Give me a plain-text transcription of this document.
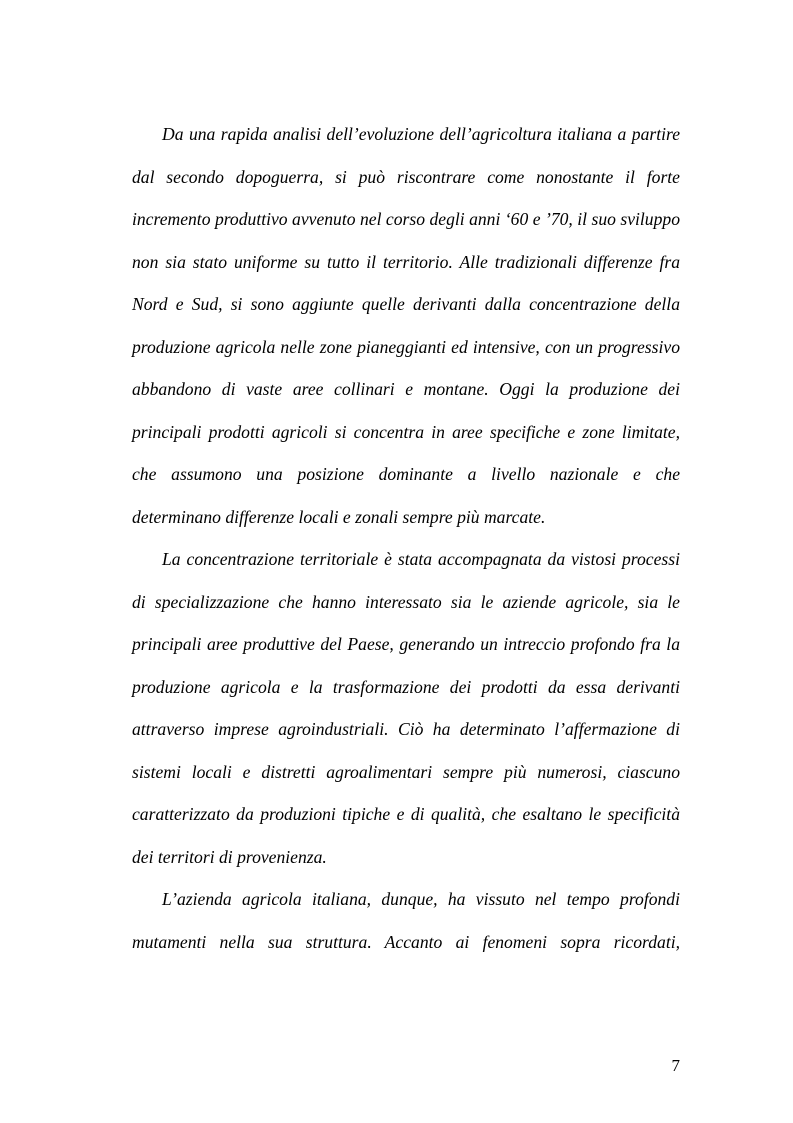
Da una rapida analisi dell’evoluzione dell’agricoltura italiana a partire dal secondo dopoguerra, si può riscontrare come nonostante il forte incremento produttivo avvenuto nel corso degli anni ‘60 e ’70, il suo sviluppo non sia stato uniforme su tutto il territorio. Alle tradizionali differenze fra Nord e Sud, si sono aggiunte quelle derivanti dalla concentrazione della produzione agricola nelle zone pianeggianti ed intensive, con un progressivo abbandono di vaste aree collinari e montane. Oggi la produzione dei principali prodotti agricoli si concentra in aree specifiche e zone limitate, che assumono una posizione dominante a livello nazionale e che determinano differenze locali e zonali sempre più marcate.

La concentrazione territoriale è stata accompagnata da vistosi processi di specializzazione che hanno interessato sia le aziende agricole, sia le principali aree produttive del Paese, generando un intreccio profondo fra la produzione agricola e la trasformazione dei prodotti da essa derivanti attraverso imprese agroindustriali. Ciò ha determinato l’affermazione di sistemi locali e distretti agroalimentari sempre più numerosi, ciascuno caratterizzato da produzioni tipiche e di qualità, che esaltano le specificità dei territori di provenienza.

L’azienda agricola italiana, dunque, ha vissuto nel tempo profondi mutamenti nella sua struttura. Accanto ai fenomeni sopra ricordati,

7
